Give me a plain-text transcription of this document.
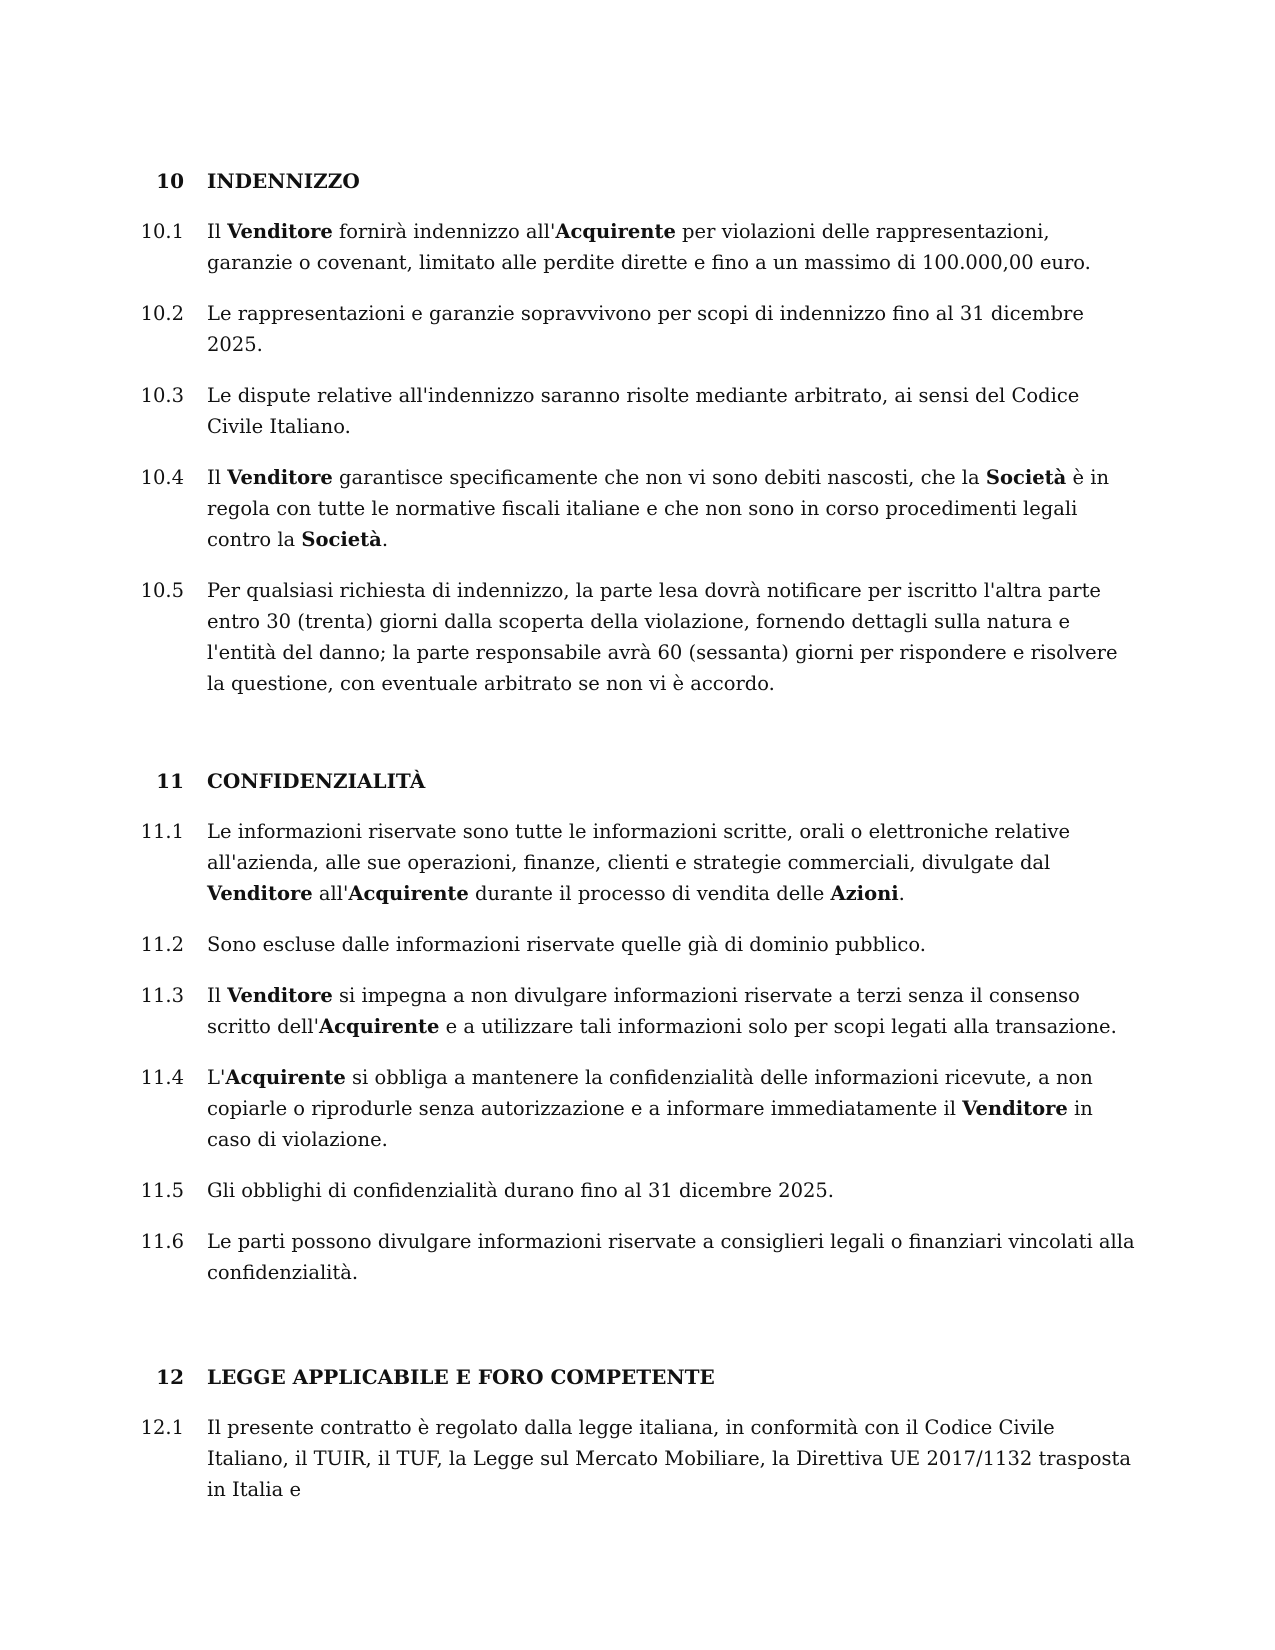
10 INDENNIZZO
10.1 Il Venditore fornirà indennizzo all'Acquirente per violazioni delle rappresentazioni, garanzie o covenant, limitato alle perdite dirette e fino a un massimo di 100.000,00 euro.
10.2 Le rappresentazioni e garanzie sopravvivono per scopi di indennizzo fino al 31 dicembre 2025.
10.3 Le dispute relative all'indennizzo saranno risolte mediante arbitrato, ai sensi del Codice Civile Italiano.
10.4 Il Venditore garantisce specificamente che non vi sono debiti nascosti, che la Società è in regola con tutte le normative fiscali italiane e che non sono in corso procedimenti legali contro la Società.
10.5 Per qualsiasi richiesta di indennizzo, la parte lesa dovrà notificare per iscritto l'altra parte entro 30 (trenta) giorni dalla scoperta della violazione, fornendo dettagli sulla natura e l'entità del danno; la parte responsabile avrà 60 (sessanta) giorni per rispondere e risolvere la questione, con eventuale arbitrato se non vi è accordo.
11 CONFIDENZIALITÀ
11.1 Le informazioni riservate sono tutte le informazioni scritte, orali o elettroniche relative all'azienda, alle sue operazioni, finanze, clienti e strategie commerciali, divulgate dal Venditore all'Acquirente durante il processo di vendita delle Azioni.
11.2 Sono escluse dalle informazioni riservate quelle già di dominio pubblico.
11.3 Il Venditore si impegna a non divulgare informazioni riservate a terzi senza il consenso scritto dell'Acquirente e a utilizzare tali informazioni solo per scopi legati alla transazione.
11.4 L'Acquirente si obbliga a mantenere la confidenzialità delle informazioni ricevute, a non copiarle o riprodurle senza autorizzazione e a informare immediatamente il Venditore in caso di violazione.
11.5 Gli obblighi di confidenzialità durano fino al 31 dicembre 2025.
11.6 Le parti possono divulgare informazioni riservate a consiglieri legali o finanziari vincolati alla confidenzialità.
12 LEGGE APPLICABILE E FORO COMPETENTE
12.1 Il presente contratto è regolato dalla legge italiana, in conformità con il Codice Civile Italiano, il TUIR, il TUF, la Legge sul Mercato Mobiliare, la Direttiva UE 2017/1132 trasposta in Italia e
